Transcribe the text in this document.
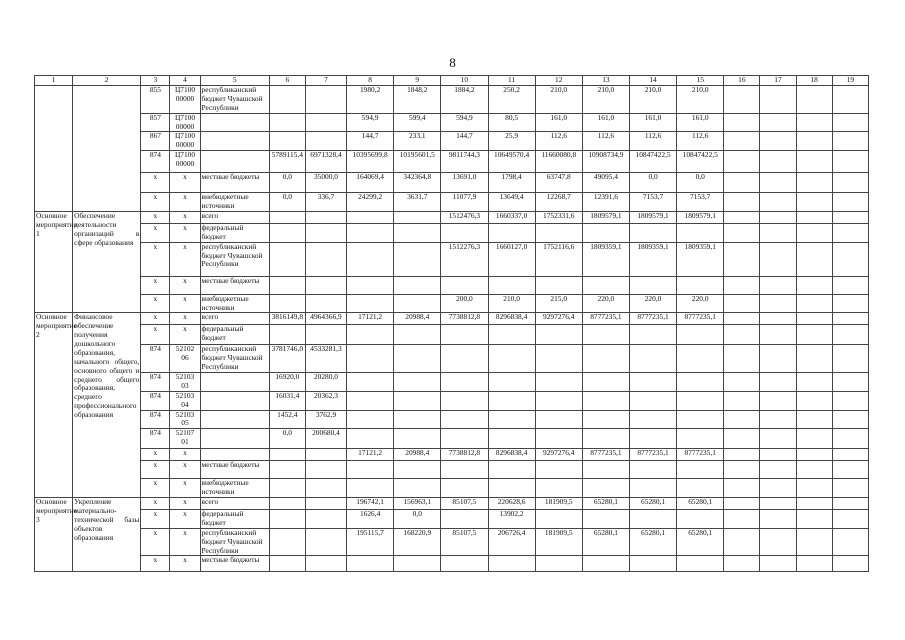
8
1	2	3	4	5	6	7	8	9	10	11	12	13	14	15	16	17	18	19
		855	Ц7100 00000	республиканский бюджет Чувашской Республики			1980,2	1848,2	1884,2	250,2	210,0	210,0	210,0	210,0				
		857	Ц7100 00000				594,9	599,4	594,9	80,5	161,0	161,0	161,0	161,0				
		867	Ц7100 00000				144,7	233,1	144,7	25,9	112,6	112,6	112,6	112,6				
		874	Ц7100 00000		5789115,4	6971328,4	10395699,8	10195601,5	9811744,3	10649570,4	11660080,8	10908734,9	10847422,5	10847422,5				
		x	x	местные бюджеты	0,0	35000,0	164069,4	342364,8	13691,0	1798,4	63747,8	49095,4	0,0	0,0				
		x	x	внебюджетные источники	0,0	336,7	24299,2	3631,7	11077,9	13649,4	12268,7	12391,6	7153,7	7153,7				
Основное мероприятие 1	Обеспечение деятельности организаций в сфере образования	x	x	всего					1512476,3	1660337,0	1752331,6	1809579,1	1809579,1	1809579,1				
		x	x	федеральный бюджет														
		x	x	республиканский бюджет Чувашской Республики					1512276,3	1660127,0	1752116,6	1809359,1	1809359,1	1809359,1				
		x	x	местные бюджеты														
		x	x	внебюджетные источники					200,0	210,0	215,0	220,0	220,0	220,0				
Основное мероприятие 2	Финансовое обеспечение получения дошкольного образования, начального общего, основного общего и среднего общего образования, среднего профессионального образования	x	x	всего	3816149,8	4964366,9	17121,2	20988,4	7738812,8	8296838,4	9297276,4	8777235,1	8777235,1	8777235,1				
		x	x	федеральный бюджет														
		874	52102 06	республиканский бюджет Чувашской Республики	3781746,0	4533281,3												
		874	52103 03		16920,0	20280,0												
		874	52103 04		16031,4	20362,3												
		874	52103 05		1452,4	3762,9												
		874	52107 01		0,0	200680,4												
		x	x				17121,2	20988,4	7738812,8	8296838,4	9297276,4	8777235,1	8777235,1	8777235,1				
		x	x	местные бюджеты														
		x	x	внебюджетные источники														
Основное мероприятие 3	Укрепление материально-технической базы объектов образования	x	x	всего			196742,1	156963,1	85107,5	220628,6	181909,5	65280,1	65280,1	65280,1				
		x	x	федеральный бюджет			1626,4	0,0		13902,2								
		x	x	республиканский бюджет Чувашской Республики			195115,7	168220,9	85107,5	206726,4	181909,5	65280,1	65280,1	65280,1				
		x	x	местные бюджеты														
